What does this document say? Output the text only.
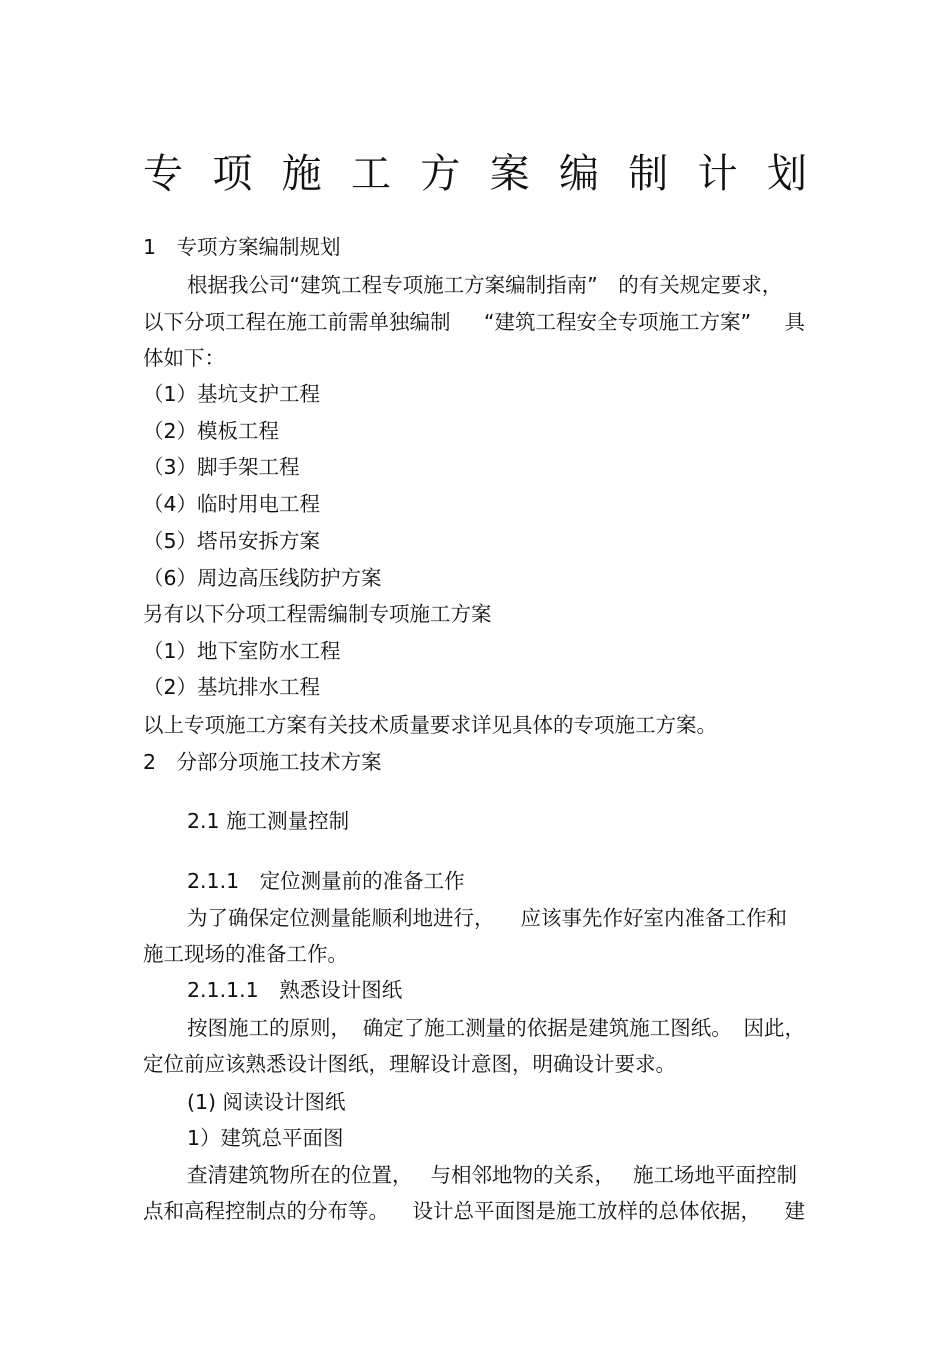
专 项 施 工 方 案 编 制 计 划
1　专项方案编制规划
根据我公司“建筑工程专项施工方案编制指南”　的有关规定要求，
以下分项工程在施工前需单独编制 “建筑工程安全专项施工方案” 具
体如下：
（1）基坑支护工程
（2）模板工程
（3）脚手架工程
（4）临时用电工程
（5）塔吊安拆方案
（6）周边高压线防护方案
另有以下分项工程需编制专项施工方案
（1）地下室防水工程
（2）基坑排水工程
以上专项施工方案有关技术质量要求详见具体的专项施工方案。
2　分部分项施工技术方案
2.1 施工测量控制
2.1.1　定位测量前的准备工作
为了确保定位测量能顺利地进行， 应该事先作好室内准备工作和
施工现场的准备工作。
2.1.1.1　熟悉设计图纸
按图施工的原则， 确定了施工测量的依据是建筑施工图纸。 因此，
定位前应该熟悉设计图纸，理解设计意图，明确设计要求。
(1) 阅读设计图纸
1）建筑总平面图
查清建筑物所在的位置， 与相邻地物的关系， 施工场地平面控制
点和高程控制点的分布等。 设计总平面图是施工放样的总体依据， 建
